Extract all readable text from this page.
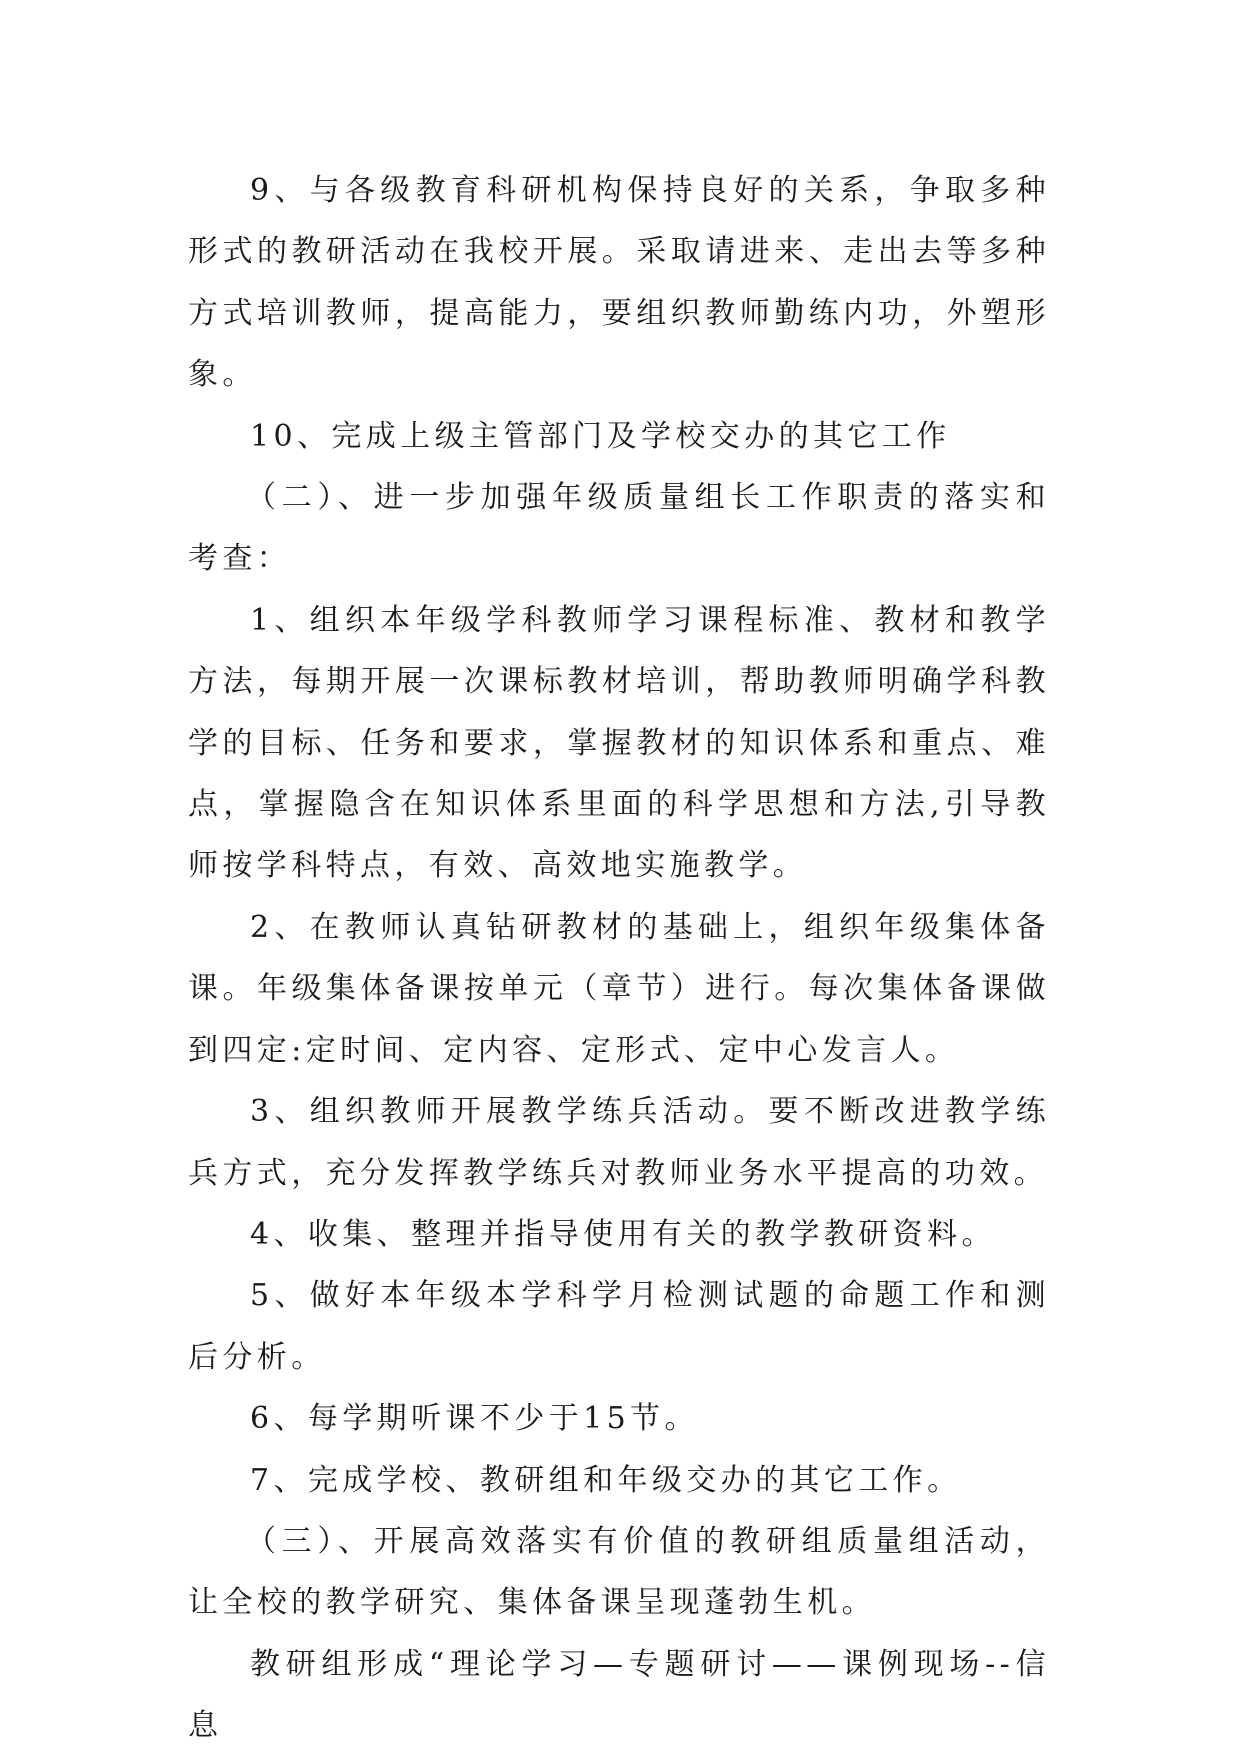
9、与各级教育科研机构保持良好的关系，争取多种形式的教研活动在我校开展。采取请进来、走出去等多种方式培训教师，提高能力，要组织教师勤练内功，外塑形象。

10、完成上级主管部门及学校交办的其它工作

（二）、进一步加强年级质量组长工作职责的落实和考查：

1、组织本年级学科教师学习课程标准、教材和教学方法，每期开展一次课标教材培训，帮助教师明确学科教学的目标、任务和要求，掌握教材的知识体系和重点、难点，掌握隐含在知识体系里面的科学思想和方法,引导教师按学科特点，有效、高效地实施教学。

2、在教师认真钻研教材的基础上，组织年级集体备课。年级集体备课按单元（章节）进行。每次集体备课做到四定:定时间、定内容、定形式、定中心发言人。

3、组织教师开展教学练兵活动。要不断改进教学练兵方式，充分发挥教学练兵对教师业务水平提高的功效。

4、收集、整理并指导使用有关的教学教研资料。

5、做好本年级本学科学月检测试题的命题工作和测后分析。

6、每学期听课不少于15节。

7、完成学校、教研组和年级交办的其它工作。

（三）、开展高效落实有价值的教研组质量组活动，让全校的教学研究、集体备课呈现蓬勃生机。

教研组形成“理论学习—专题研讨——课例现场--信息
